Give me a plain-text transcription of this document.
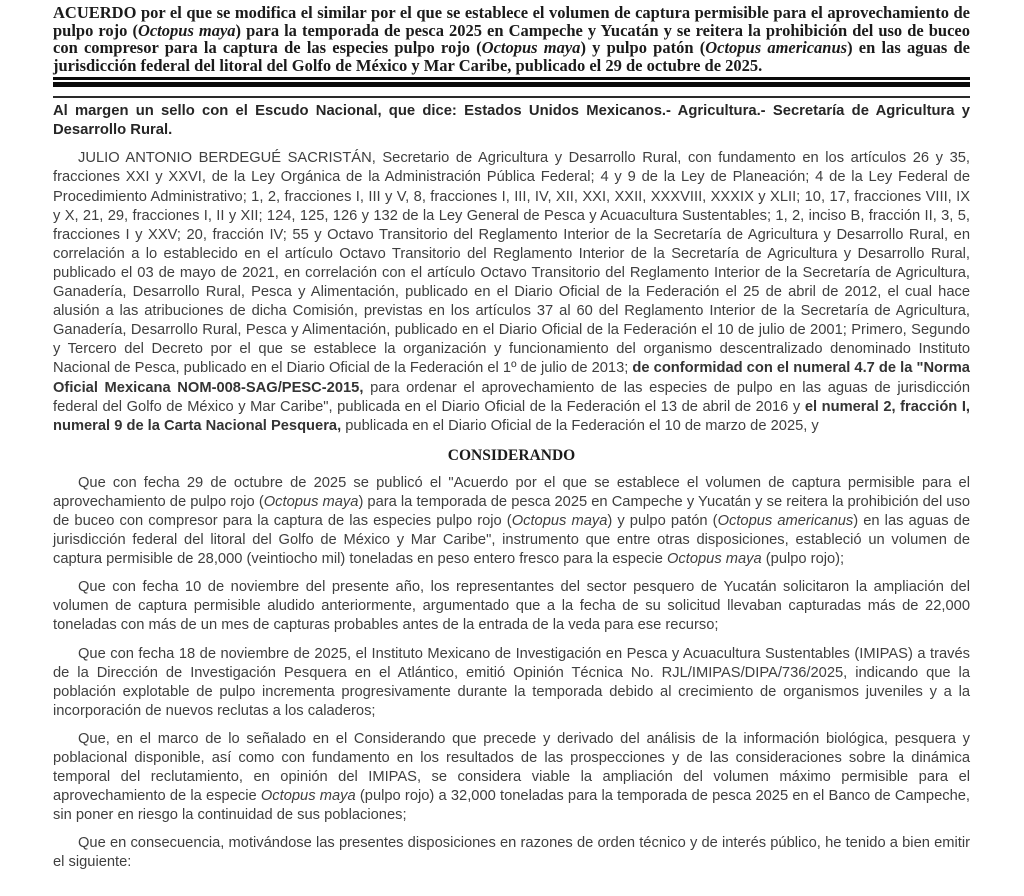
ACUERDO por el que se modifica el similar por el que se establece el volumen de captura permisible para el aprovechamiento de pulpo rojo (Octopus maya) para la temporada de pesca 2025 en Campeche y Yucatán y se reitera la prohibición del uso de buceo con compresor para la captura de las especies pulpo rojo (Octopus maya) y pulpo patón (Octopus americanus) en las aguas de jurisdicción federal del litoral del Golfo de México y Mar Caribe, publicado el 29 de octubre de 2025.

Al margen un sello con el Escudo Nacional, que dice: Estados Unidos Mexicanos.- Agricultura.- Secretaría de Agricultura y Desarrollo Rural.

JULIO ANTONIO BERDEGUÉ SACRISTÁN, Secretario de Agricultura y Desarrollo Rural, con fundamento en los artículos 26 y 35, fracciones XXI y XXVI, de la Ley Orgánica de la Administración Pública Federal; 4 y 9 de la Ley de Planeación; 4 de la Ley Federal de Procedimiento Administrativo; 1, 2, fracciones I, III y V, 8, fracciones I, III, IV, XII, XXI, XXII, XXXVIII, XXXIX y XLII; 10, 17, fracciones VIII, IX y X, 21, 29, fracciones I, II y XII; 124, 125, 126 y 132 de la Ley General de Pesca y Acuacultura Sustentables; 1, 2, inciso B, fracción II, 3, 5, fracciones I y XXV; 20, fracción IV; 55 y Octavo Transitorio del Reglamento Interior de la Secretaría de Agricultura y Desarrollo Rural, en correlación a lo establecido en el artículo Octavo Transitorio del Reglamento Interior de la Secretaría de Agricultura y Desarrollo Rural, publicado el 03 de mayo de 2021, en correlación con el artículo Octavo Transitorio del Reglamento Interior de la Secretaría de Agricultura, Ganadería, Desarrollo Rural, Pesca y Alimentación, publicado en el Diario Oficial de la Federación el 25 de abril de 2012, el cual hace alusión a las atribuciones de dicha Comisión, previstas en los artículos 37 al 60 del Reglamento Interior de la Secretaría de Agricultura, Ganadería, Desarrollo Rural, Pesca y Alimentación, publicado en el Diario Oficial de la Federación el 10 de julio de 2001; Primero, Segundo y Tercero del Decreto por el que se establece la organización y funcionamiento del organismo descentralizado denominado Instituto Nacional de Pesca, publicado en el Diario Oficial de la Federación el 1º de julio de 2013; de conformidad con el numeral 4.7 de la "Norma Oficial Mexicana NOM-008-SAG/PESC-2015, para ordenar el aprovechamiento de las especies de pulpo en las aguas de jurisdicción federal del Golfo de México y Mar Caribe", publicada en el Diario Oficial de la Federación el 13 de abril de 2016 y el numeral 2, fracción I, numeral 9 de la Carta Nacional Pesquera, publicada en el Diario Oficial de la Federación el 10 de marzo de 2025, y

CONSIDERANDO

Que con fecha 29 de octubre de 2025 se publicó el "Acuerdo por el que se establece el volumen de captura permisible para el aprovechamiento de pulpo rojo (Octopus maya) para la temporada de pesca 2025 en Campeche y Yucatán y se reitera la prohibición del uso de buceo con compresor para la captura de las especies pulpo rojo (Octopus maya) y pulpo patón (Octopus americanus) en las aguas de jurisdicción federal del litoral del Golfo de México y Mar Caribe", instrumento que entre otras disposiciones, estableció un volumen de captura permisible de 28,000 (veintiocho mil) toneladas en peso entero fresco para la especie Octopus maya (pulpo rojo);

Que con fecha 10 de noviembre del presente año, los representantes del sector pesquero de Yucatán solicitaron la ampliación del volumen de captura permisible aludido anteriormente, argumentado que a la fecha de su solicitud llevaban capturadas más de 22,000 toneladas con más de un mes de capturas probables antes de la entrada de la veda para ese recurso;

Que con fecha 18 de noviembre de 2025, el Instituto Mexicano de Investigación en Pesca y Acuacultura Sustentables (IMIPAS) a través de la Dirección de Investigación Pesquera en el Atlántico, emitió Opinión Técnica No. RJL/IMIPAS/DIPA/736/2025, indicando que la población explotable de pulpo incrementa progresivamente durante la temporada debido al crecimiento de organismos juveniles y a la incorporación de nuevos reclutas a los caladeros;

Que, en el marco de lo señalado en el Considerando que precede y derivado del análisis de la información biológica, pesquera y poblacional disponible, así como con fundamento en los resultados de las prospecciones y de las consideraciones sobre la dinámica temporal del reclutamiento, en opinión del IMIPAS, se considera viable la ampliación del volumen máximo permisible para el aprovechamiento de la especie Octopus maya (pulpo rojo) a 32,000 toneladas para la temporada de pesca 2025 en el Banco de Campeche, sin poner en riesgo la continuidad de sus poblaciones;

Que en consecuencia, motivándose las presentes disposiciones en razones de orden técnico y de interés público, he tenido a bien emitir el siguiente:
